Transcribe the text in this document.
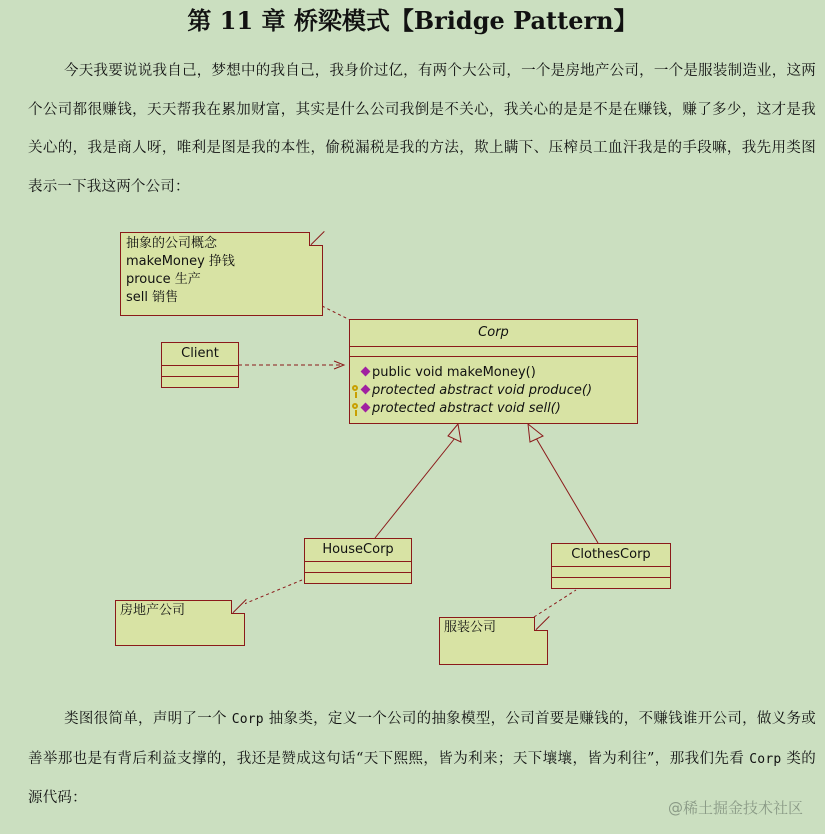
第 11 章 桥梁模式【Bridge Pattern】

今天我要说说我自己，梦想中的我自己，我身价过亿，有两个大公司，一个是房地产公司，一个是服装制造业，这两个公司都很赚钱，天天帮我在累加财富，其实是什么公司我倒是不关心，我关心的是是不是在赚钱，赚了多少，这才是我关心的，我是商人呀，唯利是图是我的本性，偷税漏税是我的方法，欺上瞒下、压榨员工血汗我是的手段嘛，我先用类图表示一下我这两个公司：

抽象的公司概念
makeMoney 挣钱
prouce 生产
sell 销售
Client
Corp
public void makeMoney()
protected abstract void produce()
protected abstract void sell()
HouseCorp	ClothesCorp
房地产公司
服装公司

类图很简单，声明了一个 Corp 抽象类，定义一个公司的抽象模型，公司首要是赚钱的，不赚钱谁开公司，做义务或善举那也是有背后利益支撑的，我还是赞成这句话“天下熙熙，皆为利来；天下壤壤，皆为利往”，那我们先看 Corp 类的源代码：

@稀土掘金技术社区
